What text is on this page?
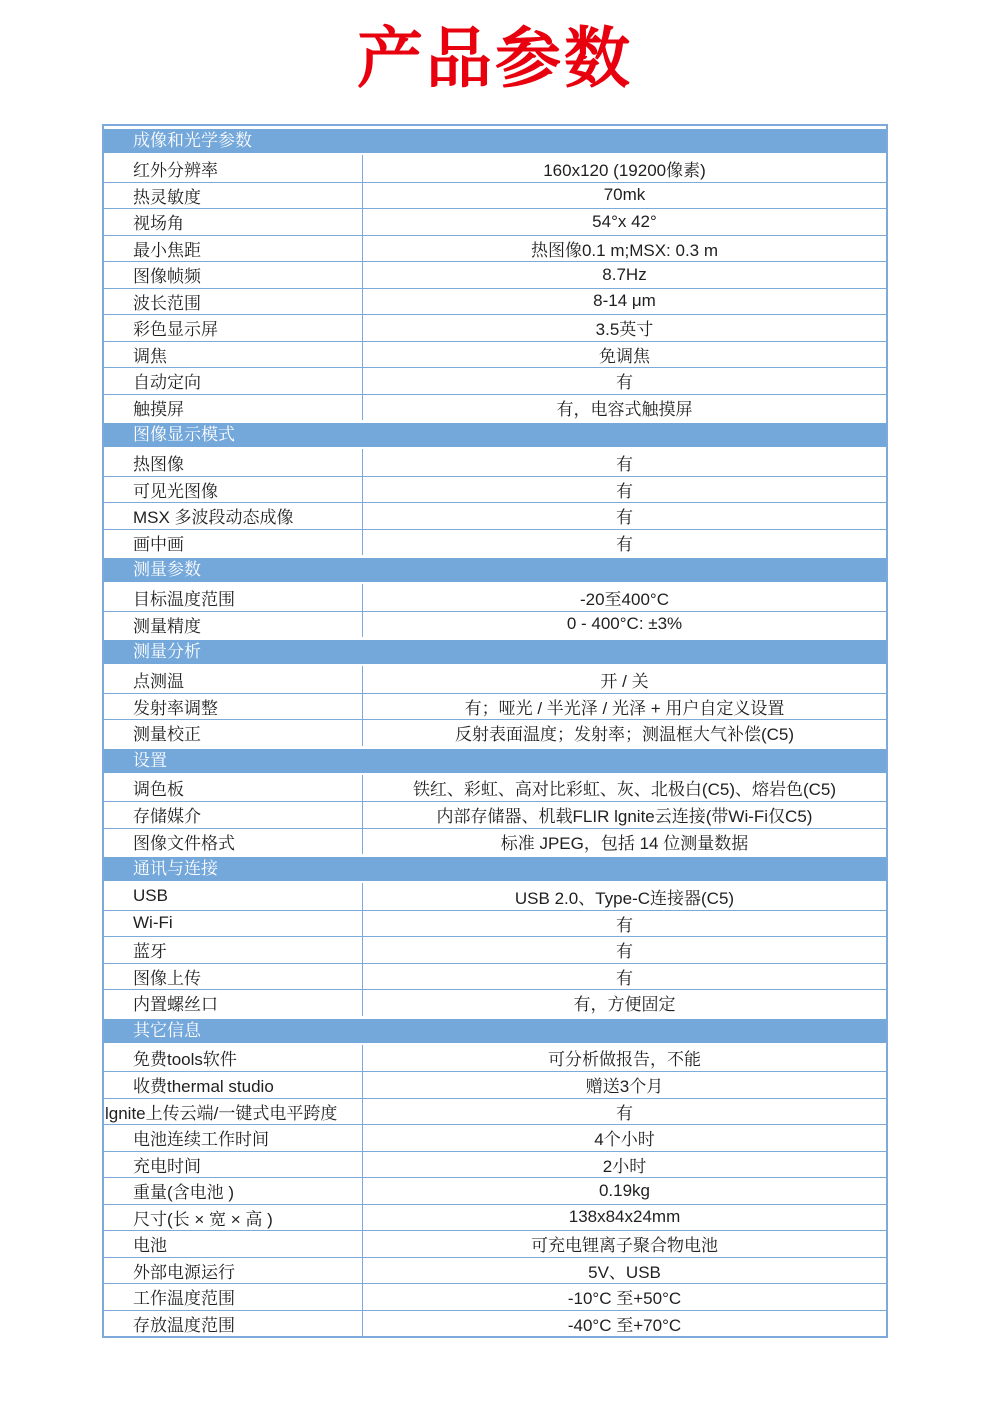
产品参数
成像和光学参数
红外分辨率	160x120 (19200像素)
热灵敏度	70mk
视场角	54°x 42°
最小焦距	热图像0.1 m;MSX: 0.3 m
图像帧频	8.7Hz
波长范围	8-14 μm
彩色显示屏	3.5英寸
调焦	免调焦
自动定向	有
触摸屏	有，电容式触摸屏
图像显示模式
热图像	有
可见光图像	有
MSX 多波段动态成像	有
画中画	有
测量参数
目标温度范围	-20至400°C
测量精度	0 - 400°C: ±3%
测量分析
点测温	开 / 关
发射率调整	有；哑光 / 半光泽 / 光泽 + 用户自定义设置
测量校正	反射表面温度；发射率；测温框大气补偿(C5)
设置
调色板	铁红、彩虹、高对比彩虹、灰、北极白(C5)、熔岩色(C5)
存储媒介	内部存储器、机载FLIR lgnite云连接(带Wi-Fi仅C5)
图像文件格式	标准 JPEG，包括 14 位测量数据
通讯与连接
USB	USB 2.0、Type-C连接器(C5)
Wi-Fi	有
蓝牙	有
图像上传	有
内置螺丝口	有，方便固定
其它信息
免费tools软件	可分析做报告，不能
收费thermal studio	赠送3个月
lgnite上传云端/一键式电平跨度	有
电池连续工作时间	4个小时
充电时间	2小时
重量(含电池 )	0.19kg
尺寸(长 × 宽 × 高 )	138x84x24mm
电池	可充电锂离子聚合物电池
外部电源运行	5V、USB
工作温度范围	-10°C 至+50°C
存放温度范围	-40°C 至+70°C
